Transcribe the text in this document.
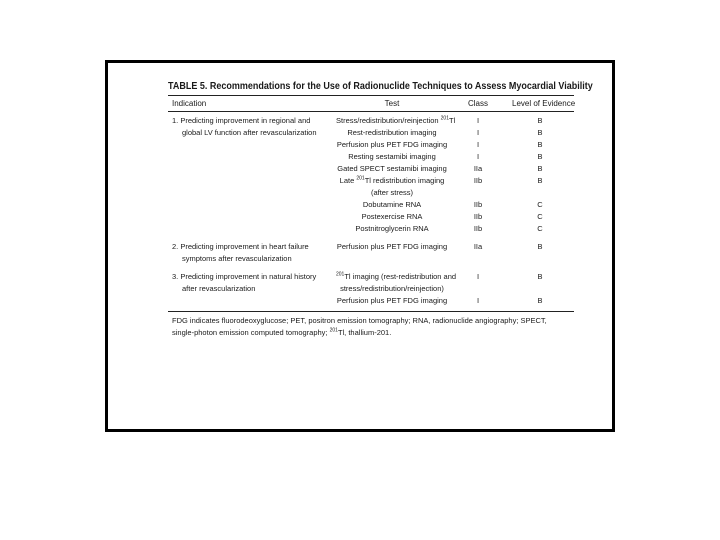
TABLE 5. Recommendations for the Use of Radionuclide Techniques to Assess Myocardial Viability
Indication	Test	Class	Level of Evidence
1. Predicting improvement in regional and
global LV function after revascularization
Stress/redistribution/reinjection $^{201}$Tl	I	B
Rest-redistribution imaging	I	B
Perfusion plus PET FDG imaging	I	B
Resting sestamibi imaging	I	B
Gated SPECT sestamibi imaging	IIa	B
Late $^{201}$Tl redistribution imaging	IIb	B
(after stress)
Dobutamine RNA	IIb	C
Postexercise RNA	IIb	C
Postnitroglycerin RNA	IIb	C
2. Predicting improvement in heart failure
symptoms after revascularization
Perfusion plus PET FDG imaging	IIa	B
3. Predicting improvement in natural history
after revascularization
$^{201}$Tl imaging (rest-redistribution and	I	B
stress/redistribution/reinjection)
Perfusion plus PET FDG imaging	I	B
FDG indicates fluorodeoxyglucose; PET, positron emission tomography; RNA, radionuclide angiography; SPECT, single-photon emission computed tomography; $^{201}$Tl, thallium-201.
